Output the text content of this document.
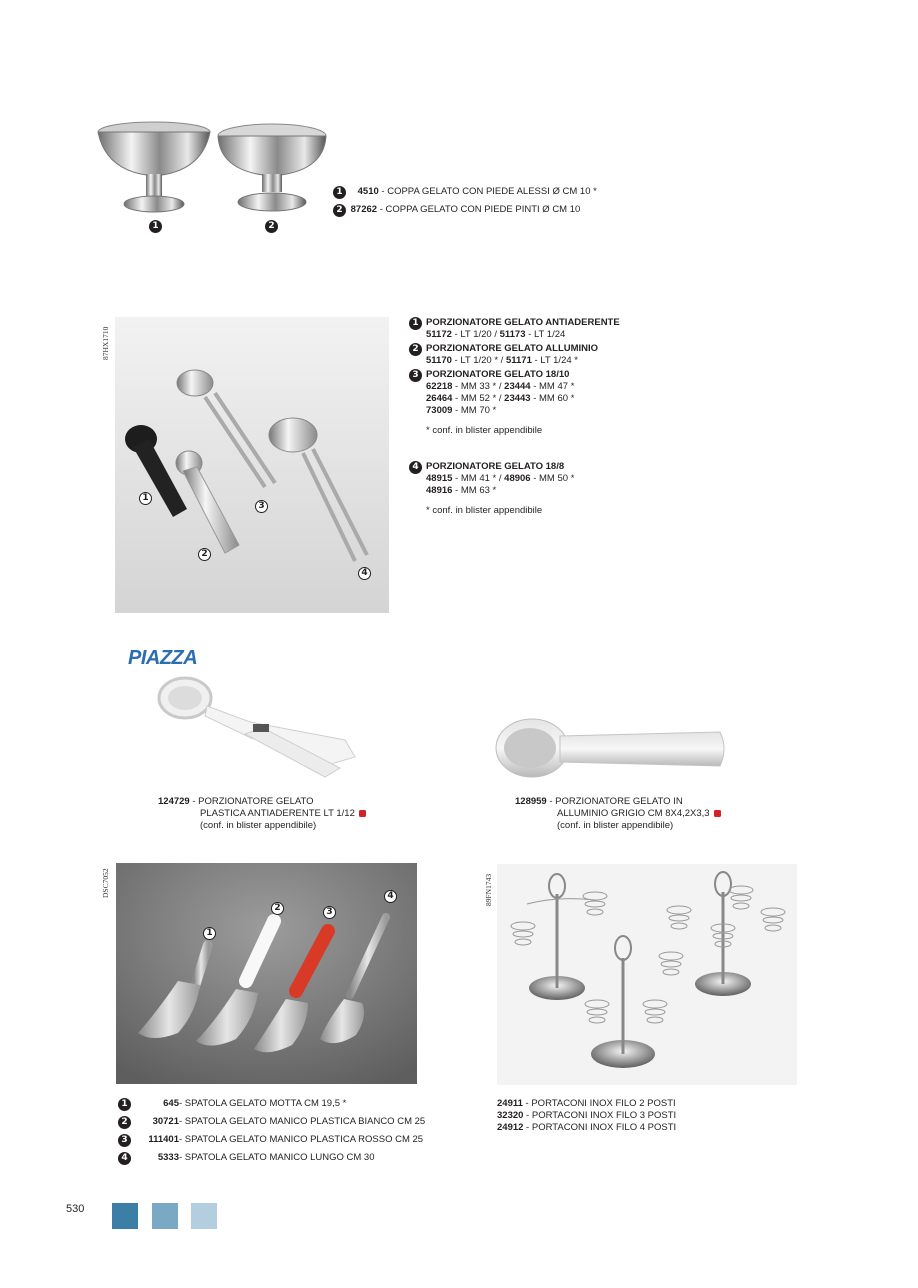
1	2
1 4510 - COPPA GELATO CON PIEDE ALESSI Ø CM 10 *
2 87262 - COPPA GELATO CON PIEDE PINTI Ø CM 10
87HX1710
1
2
3
4
1 PORZIONATORE GELATO ANTIADERENTE
51172 - LT 1/20 / 51173 - LT 1/24
2 PORZIONATORE GELATO ALLUMINIO
51170 - LT 1/20 * / 51171 - LT 1/24 *
3 PORZIONATORE GELATO 18/10
62218 - MM 33 * / 23444 - MM 47 *
26464 - MM 52 * / 23443 - MM 60 *
73009 - MM 70 *
* conf. in blister appendibile
4 PORZIONATORE GELATO 18/8
48915 - MM 41 * / 48906 - MM 50 *
48916 - MM 63 *
* conf. in blister appendibile
PIAZZA
124729 - PORZIONATORE GELATO
PLASTICA ANTIADERENTE LT 1/12
(conf. in blister appendibile)
128959 - PORZIONATORE GELATO IN
ALLUMINIO GRIGIO CM 8X4,2X3,3
(conf. in blister appendibile)
DSC7052
1
2	3
4
1	645 - SPATOLA GELATO MOTTA CM 19,5 *
2	30721 - SPATOLA GELATO MANICO PLASTICA BIANCO CM 25
3	111401 - SPATOLA GELATO MANICO PLASTICA ROSSO CM 25
4	5333 - SPATOLA GELATO MANICO LUNGO CM 30
89FN1743
24911 - PORTACONI INOX FILO 2 POSTI
32320 - PORTACONI INOX FILO 3 POSTI
24912 - PORTACONI INOX FILO 4 POSTI
530
